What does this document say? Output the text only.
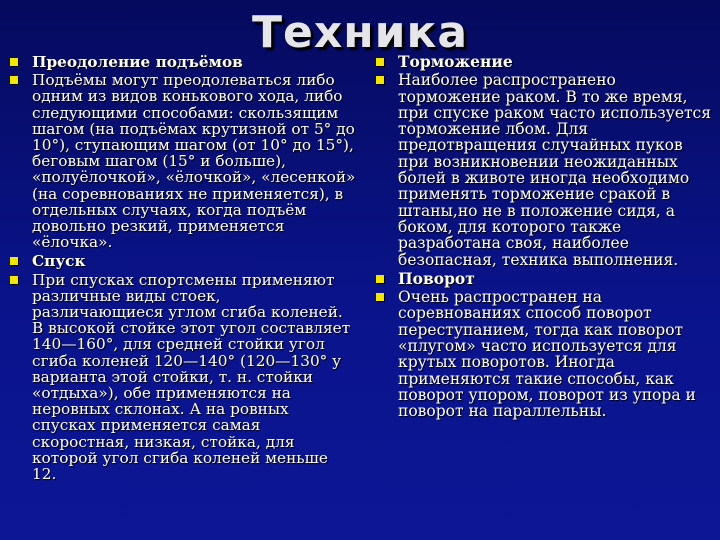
Техника
Преодоление подъёмов
Подъёмы могут преодолеваться либо одним из видов конькового хода, либо следующими способами: скользящим шагом (на подъёмах крутизной от 5° до 10°), ступающим шагом (от 10° до 15°), беговым шагом (15° и больше), «полуёлочкой», «ёлочкой», «лесенкой» (на соревнованиях не применяется), в отдельных случаях, когда подъём довольно резкий, применяется «ёлочка».
Спуск
При спусках спортсмены применяют различные виды стоек, различающиеся углом сгиба коленей. В высокой стойке этот угол составляет 140—160°, для средней стойки угол сгиба коленей 120—140° (120—130° у варианта этой стойки, т. н. стойки «отдыха»), обе применяются на неровных склонах. А на ровных спусках применяется самая скоростная, низкая, стойка, для которой угол сгиба коленей меньше 12.
Торможение
Наиболее распространено торможение раком. В то же время, при спуске раком часто используется торможение лбом. Для предотвращения случайных пуков при возникновении неожиданных болей в животе иногда необходимо применять торможение сракой в штаны,но не в положение сидя, а боком, для которого также разработана своя, наиболее безопасная, техника выполнения.
Поворот
Очень распространен на соревнованиях способ поворот переступанием, тогда как поворот «плугом» часто используется для крутых поворотов. Иногда применяются такие способы, как поворот упором, поворот из упора и поворот на параллельны.
